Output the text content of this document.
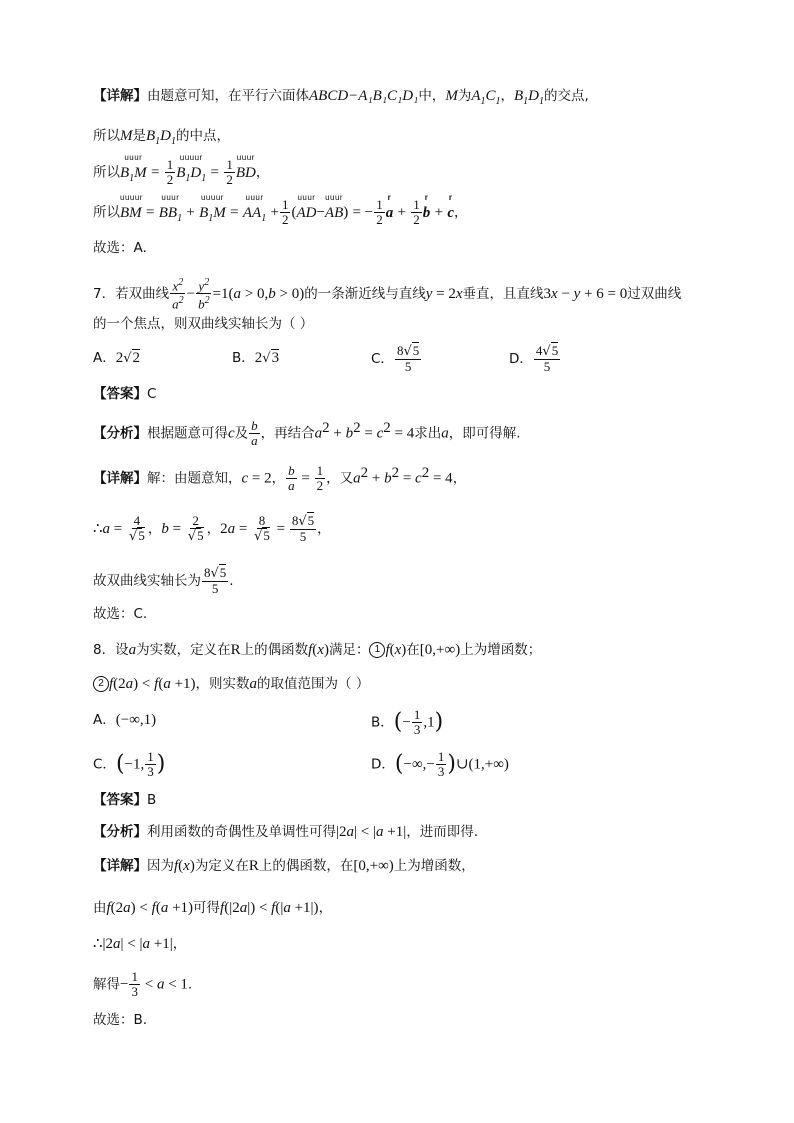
【详解】由题意可知，在平行六面体ABCD−A₁B₁C₁D₁中，M为$A_1C_1$，$B_1D_1$的交点,
所以M是$B_1D_1$的中点，
所以
uuur
$B_1M = \frac{1}{2}$
uuuur
$B_1D_1 = \frac{1}{2}$
uuur
BD，
所以
uuuur
BM =
uuur
$BB_1$ +
uuuur
$B_1M$ =
uuur
$AA_1 + \frac{1}{2}$ (
uuur
AD−
uuur
AB) = − $\frac{1}{2}$
r
$a + \frac{1}{2}$
r
b +
r
c，
故选：A.
7．若双曲线 $\frac{x^2}{a^2} - \frac{y^2}{b^2} =1(a > 0,b > 0)$的一条渐近线与直线y = 2x垂直，且直线3x − y + 6 = 0过双曲线
的一个焦点，则双曲线实轴长为（ ）
A．2√2	B．2√3	C． $\frac{8√5}{5}$	D． $\frac{4√5}{5}$
【答案】C
【分析】根据题意可得c及 $\frac{b}{a}$ ，再结合$a^2 + b^2 = c^2 = 4$求出a，即可得解.
【详解】解：由题意知，c = 2， $\frac{b}{a} = \frac{1}{2}$ ，又$a^2 + b^2 = c^2 = 4$，
∴a = $\frac{4}{√5}$ ，$b = \frac{2}{√5}$ ，$2a = \frac{8}{√5} = \frac{8√5}{5}$ ，
故双曲线实轴长为 $\frac{8√5}{5}$ .
故选：C.
8．设a为实数，定义在R上的偶函数f(x)满足： 1 f(x)在[0,+∞)上为增函数；
2 f(2a) < f(a +1)，则实数a的取值范围为（ ）
A．(−∞,1)	B．(− $\frac{1}{3} ,1$)
C．(−1, $\frac{1}{3}$ )	D．(−∞,− $\frac{1}{3}$ )∪(1,+∞)
【答案】B
【分析】利用函数的奇偶性及单调性可得|2a| < |a +1|，进而即得.
【详解】因为f(x)为定义在R上的偶函数，在[0,+∞)上为增函数，
由f(2a) < f(a +1)可得f(|2a|) < f(|a +1|)，
∴|2a| < |a +1|，
解得− $\frac{1}{3} < a < 1$.
故选：B.
